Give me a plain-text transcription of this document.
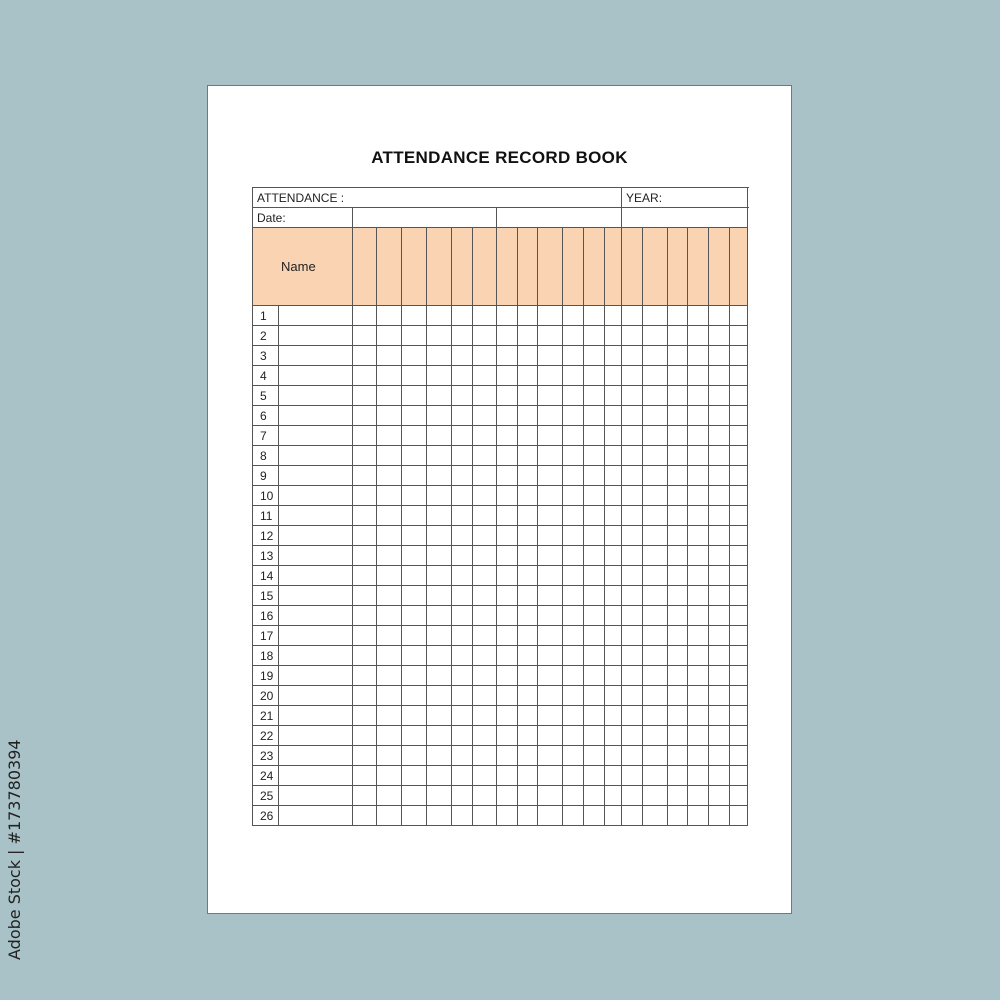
ATTENDANCE RECORD BOOK
ATTENDANCE :														YEAR:					
Date:																			
Name																			
1																			
2																			
3																			
4																			
5																			
6																			
7																			
8																			
9																			
10																			
11																			
12																			
13																			
14																			
15																			
16																			
17																			
18																			
19																			
20																			
21																			
22																			
23																			
24																			
25																			
26																			
Adobe Stock | #173780394
